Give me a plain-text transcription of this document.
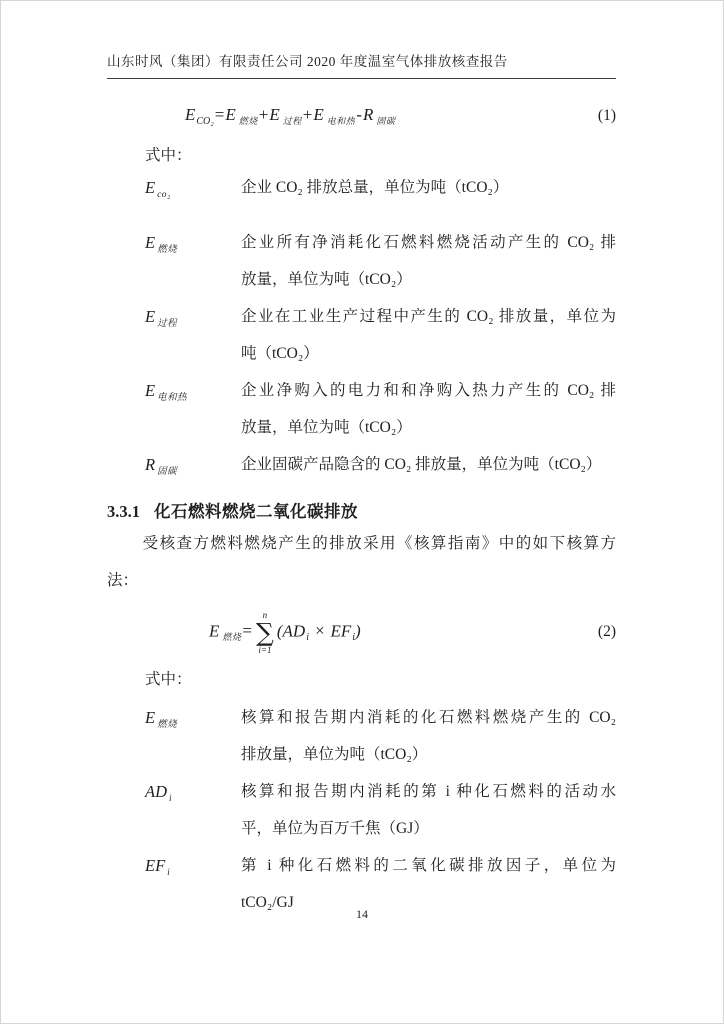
山东时风（集团）有限责任公司 2020 年度温室气体排放核查报告
$E_{CO_2}=E$ $_{燃烧}$+E $_{过程}$+E $_{电和热}$-R $_{固碳}$	(1)
式中：
E $_{co_2}$	企业 CO₂ 排放总量，单位为吨（tCO₂）
E $_{燃烧}$	企业所有净消耗化石燃料燃烧活动产生的 CO₂ 排
放量，单位为吨（tCO₂）
E $_{过程}$	企业在工业生产过程中产生的 CO₂ 排放量，单位为
吨（tCO₂）
E $_{电和热}$	企业净购入的电力和和净购入热力产生的 CO₂ 排
放量，单位为吨（tCO₂）
R $_{固碳}$	企业固碳产品隐含的 CO₂ 排放量，单位为吨（tCO₂）
3.3.1 化石燃料燃烧二氧化碳排放
受核查方燃料燃烧产生的排放采用《核算指南》中的如下核算方
法：
E $_{燃烧}$=
n
∑
i=1
$(AD_i \times EF_i)$	(2)
式中：
E $_{燃烧}$	核算和报告期内消耗的化石燃料燃烧产生的 CO₂
排放量，单位为吨（tCO₂）
AD $_i$	核算和报告期内消耗的第 i 种化石燃料的活动水
平，单位为百万千焦（GJ）
EF $_i$	第 i 种化石燃料的二氧化碳排放因子，单位为
tCO₂/GJ
14
